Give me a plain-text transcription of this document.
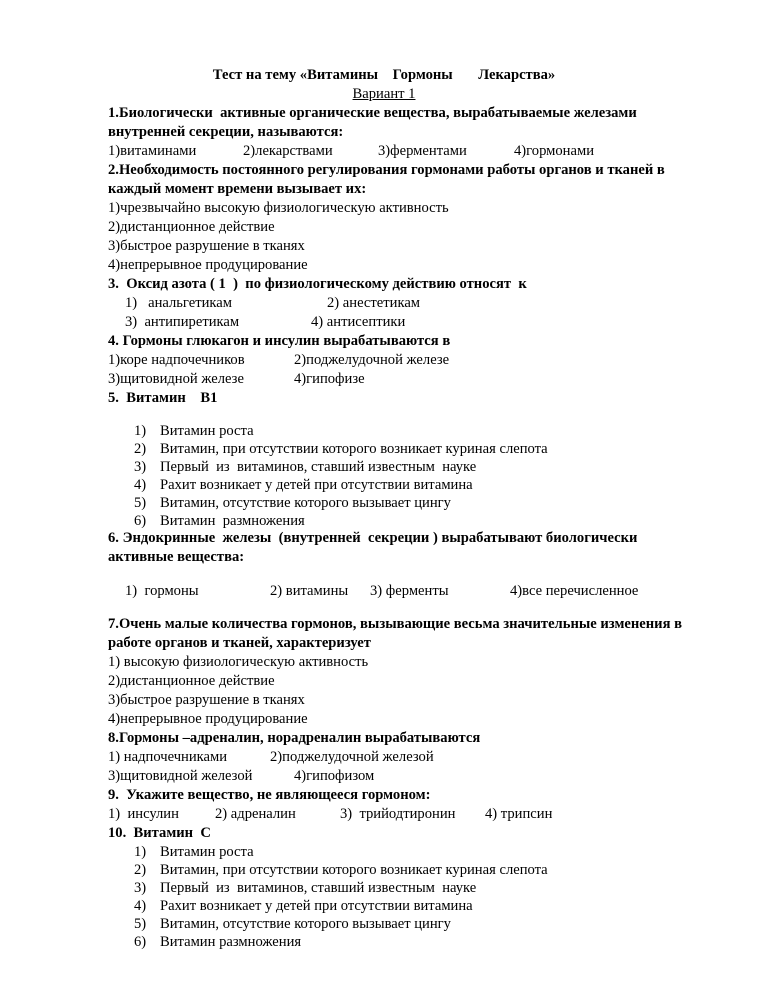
Тест на тему «Витамины    Гормоны       Лекарства»
Вариант 1
1.Биологически  активные органические вещества, вырабатываемые железами
внутренней секреции, называются:
1)витаминами	2)лекарствами	3)ферментами	4)гормонами
2.Необходимость постоянного регулирования гормонами работы органов и тканей в
каждый момент времени вызывает их:
1)чрезвычайно высокую физиологическую активность
2)дистанционное действие
3)быстрое разрушение в тканях
4)непрерывное продуцирование
3.  Оксид азота ( 1  )  по физиологическому действию относят  к
1)   анальгетикам	2) анестетикам
3)  антипиретикам	4) антисептики
4. Гормоны глюкагон и инсулин вырабатываются в
1)коре надпочечников	2)поджелудочной железе
3)щитовидной железе	4)гипофизе
5.  Витамин    В1
1) Витамин роста
2) Витамин, при отсутствии которого возникает куриная слепота
3) Первый  из  витаминов, ставший известным  науке
4) Рахит возникает у детей при отсутствии витамина
5) Витамин, отсутствие которого вызывает цингу
6) Витамин  размножения
6. Эндокринные  железы  (внутренней  секреции ) вырабатывают биологически
активные вещества:
1)  гормоны	2) витамины 3) ферменты	4)все перечисленное
7.Очень малые количества гормонов, вызывающие весьма значительные изменения в
работе органов и тканей, характеризует
1) высокую физиологическую активность
2)дистанционное действие
3)быстрое разрушение в тканях
4)непрерывное продуцирование
8.Гормоны –адреналин, норадреналин вырабатываются
1) надпочечниками	2)поджелудочной железой
3)щитовидной железой	4)гипофизом
9.  Укажите вещество, не являющееся гормоном:
1)  инсулин 2) адреналин	3)  трийодтиронин 4) трипсин
10.  Витамин  С
1) Витамин роста
2) Витамин, при отсутствии которого возникает куриная слепота
3) Первый  из  витаминов, ставший известным  науке
4) Рахит возникает у детей при отсутствии витамина
5) Витамин, отсутствие которого вызывает цингу
6) Витамин размножения
